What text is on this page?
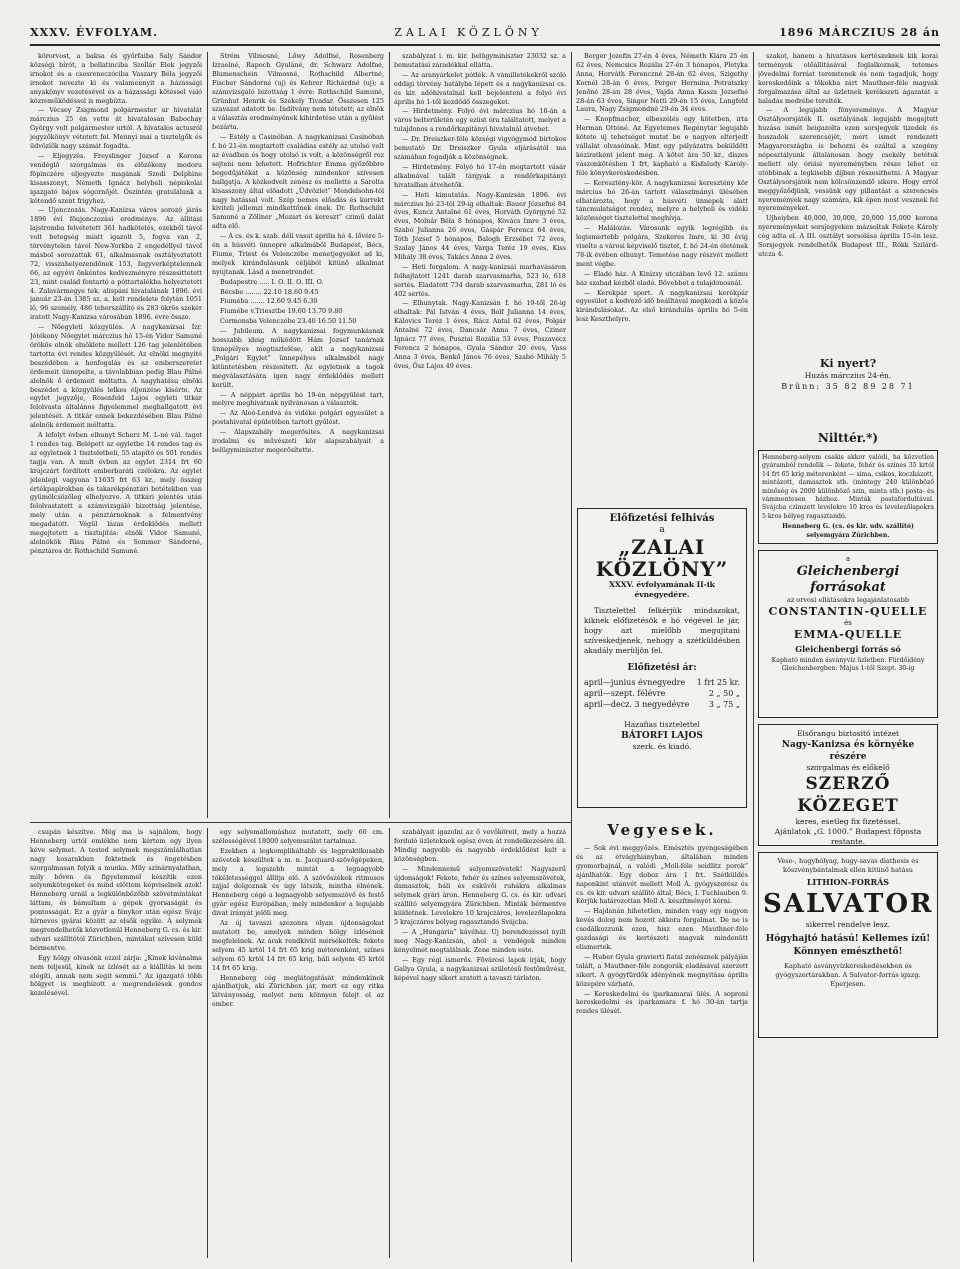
XXXV. ÉVFOLYAM.	ZALAI KÖZLÖNY	1896 MÁRCZIUS 28 án

körorvost, a baksa és győrfaiba Saly Sándor községi bírót, a bellatinciba Szollár Elek jegyzői irnokot és a csesreneczóciba Vaszary Béla jegyzői irnokot nevezte ki és valamennyit a házassági anyakönyv vezetésével és a házassági kötéssel való közreműködéssel is megbízta.

— Vécsey Zsigmond polgármester ur hivatalát márczius 25 én vette át hivatalosan Babochay György volt polgármester urtól. A hivatalos actusról jegyzőkönyv vétetett fel. Mennyi mai a tisztelgők és üdvözlők nagy számát fogadta.

— Eljegyzés. Freyslinger József a Korona vendéglő szorgalmas és előzékeny modoru föpinczére eljegyezte magának Szedi Delphine kisasszonyt, Németh Ignácz helybeli népiskolai igazgató bájos sógornőjét. Őszintén gratulálunk a kötendő szent frigyhez.

— Ujonczozás. Nagy-Kanizsa város sorozó járás 1896 évi föujonczozási eredménye. Az állitási lajstromba felvétetett 361 hadkötelés, ezekből távol volt betegség miatt igazolt 5, fogva van 2, törvénytelen távol New-Yorkba 2 engedéllyel távol másbol sorozattak 61, alkalmasnak osztályoztatott 72, visszahelyezendőnek 153, fegyverképtelennek 66, az egyévi önkéntes kedvezményre részesittetett 23, mint család fentartó a póttartalékba helyeztetett 4. Zalavármegye tek. alispáni hivatalának 1896. évi január 23-án 1385 sz. a. kelt rendelete folytán 1051 lő, 96 személy, 486 teherszállító és 283 ökrös szekér iratott Nagy-Kanizsa városában 1896. évre össze.

— Nőegyleti közgyülés. A nagykanizsai Izr. Jótékony Nőegylet márczius hó 15-én Vidor Samuné örökös elnök elnöklete mellett 126 tag jelenlétében tartotta évi rendes közgyülését. Az elnöki megnyitó beszédében a honfogalás és az emberszeretet érdemeit ünnepelte, a távolabbian pedig Blau Pálné alelnök ő érdemeit méltatta. A nagyhatásu elnöki beszédet a közgyülés lelkes éljenzése kisérte. Az egylet jegyzője, Rosenfeld Lajos egyleti titkár felolvasta általános figyelemmel meghallgatott évi jelentését. A titkár ennek bekezdésében Blau Pálné alelnök érdemeit méltatta.

A lefolyt évben elhunyt Scherz M. L-né vál. tagot 1 rendes tag. Belépett az egyletbe 14 rendes tag és az egyletnek 1 tiszteletbeli, 55 alapító és 501 rendes tagja van. A mult évben az egylet 2314 frt 60 krajczárt fordított emberbaráti czélokra. Az egylet jelenlegi vagyona 11635 frt 63 kr., mely összeg értékpapírokban és takarékpénztári betétekben van gyümölcsözőleg elhelyezve. A titkári jelentés után felolvastatott a számvizsgáló bizottság jelentése, mely után a pénztárnoknak a felmentvény megadatott. Végül lázas érdeklődés mellett megejtetett a tisztujítás: elnök Vidor Samuné, alelnökök Blau Pálné és Sommer Sándorné, pénztáros dr. Rothschild Samuné.

Strém Vilmosné, Lőwy Adolfné, Rosenberg Izraelné, Rapoch Gyuláné, dr. Schwarz Adolfné, Blumenschein Vilmosné, Rothschild Albertné, Fischer Sándorné (uj) és Kehrer Richárdné (uj); a számvizsgáló bizottság 1 évre: Rothschild Samuné, Grünhut Henrik és Székely Tivadar. Összesen 125 szavazat adatott be. Indítvány nem tétetett; az elnök a választás eredményének kihirdetése után a gyűlést bezárta.

— Estély a Casinóban. A nagykanizsai Casinóban f. hó 21-én megtartott családias estély az utolsó volt az évadban és hogy utolsó is volt, a közönségről rez sejteni nem lehetett. Hofrichter Emma győzőbbre begedűjátékát a közönség mindenkor szivesen hallgatja. A közkedvelt zenész és mellette a Sarolta kisasszony által előadott „Üdvözlet” Mendelsohn-tól nagy hatással volt. Szép nemes előadás és korrekt kiviteli jellemzi mindkettőnek ének. Dr. Rothschild Samuné a Zöllner „Mozart és kereszt” czimű dalát adta elő.

— A cs. és k. szab. déli vasut április hó 4. lővére 5-én a húsvéti ünnepre alkalmából Budapest, Bécs, Fiume, Triest és Velenczébe menetjegyeket ad ki, melyek kirándulásunk céljából kitünő alkalmat nyújtanak. Lásd a menetrendet.

Budapestre ..... I. O. II. O. III. O.

Bécsbe ........ 22.10 18.60 9.45

Fiuméba ....... 12.60 9.45 6.30

Fiumébe v.Triesztbe 19.60 13.70 9.80

Cormonsba Velenczébe 23.40 16.50 11.50

— Jubileum. A nagykanizsai fogymunkásnak hosszabb ideig működött Hám József tanárnak ünnepélyes megtisztelése, akit a nagykanizsai „Polgári Egylet” ünnepélyes alkalmából nagy kitüntetésben részesitett. Az egyletnek a tagok megválasztására igen nagy érdeklődés mellett került.

— A néppárt április hó 19-én népgyülést tart, melyre meghívatnak nyilvánosan a választók.

— Az Aleó-Lendva és vidéke polgári egyesület a postahivatal épületében tartott gyűlést.

— Alapszabály megerősités. A nagykanizsai irodalmi és művészeti kör alapszabályait a belügyminiszter megerősítette.

szabályzat i. m. kir. belügyminiszter 23032 sz. a bemutatási záradékkal ellátta.

— Az aranyárkelet pótlék. A vámilletékekről szóló eddigi törvény hatályba lépett és a nagykanizsai cs. és kir. adóhivatalnál kell bejelenteni a folyó évi április hó 1-től kezdődő összegeket.

— Hirdetmény. Folyó évi márczius hó 18-án a város belterületén egy ezüst óra találtatott, melyet a tulajdonos a rendőrkapitányi hivatalnál átvehet.

— Dr. Dreiszker-féle községi vigyógymód birtokos bemutató Dr. Dreiszker Gyula eljárásától ma számában fogadják a közönségnek.

— Hirdetmény. Folyó hó 17-én megtartott vásár alkalmával talált tárgyak a rendőrkapitányi hivatalban átvehetők.

— Heti kimutatás. Nagy-Kanizsán 1896. évi márczius hó 23-tól 29-ig elhaltak: Bauer Józsefné 84 éves, Kuncz Antalné 61 éves, Horváth Györgyné 52 éves, Molnár Béla 8 hónapos, Kovács Imre 3 éves, Szabó Julianna 26 éves, Gáspár Ferencz 64 éves, Tóth József 5 hónapos, Balogh Erzsébet 72 éves, Szalay János 44 éves, Varga Teréz 19 éves, Kiss Mihály 38 éves, Takács Anna 2 éves.

— Heti forgalom. A nagy-kanizsai marhavásáron felhajtatott 1241 darab szarvasmarha, 523 ló, 618 sertés. Eladatott 734 darab szarvasmarha, 281 ló és 402 sertés.

— Elhunytak. Nagy-Kanizsán f. hó 19-től 26-ig elhaltak: Pál István 4 éves, Bolf Julianna 14 éves, Kálovics Teréz 1 éves, Rácz Antal 62 éves, Polgár Antalné 72 éves, Dancsár Anna 7 éves, Cziner Ignácz 77 éves, Pusztai Rozália 53 éves, Poszavecz Ferencz 2 hónapos, Gyula Sándor 20 éves, Vass Anna 3 éves, Benkő János 76 éves, Szabó Mihály 5 éves, Ősz Lajos 49 éves.

Berger Jozefin 27-én 4 éves, Németh Klára 25 én 62 éves, Nemcsics Rozália 27-én 3 hónapos, Pletyka Anna, Horváth Ferenczné 28-án 62 éves, Szigethy Kornél 28-án 6 éves, Perger Hermina Potratszky Jenőné 28-án 28 éves, Vajda Anna Kasza Józsefné 28-án 63 éves, Singer Netti 29-én 15 éves, Langfeld Laura, Nagy Zsigmondné 29-én 34 éves.

— Knopfmacher, elbeszélés egy kötetben, irta Herman Ottóné. Az Egyetemes Regénytár legujabb kötete uj tehetséget mutat be e nagyon elterjedt vállalat olvasóinak. Mint egy pályázatra beküldött kéziratként jelent meg. A kötet ára 50 kr., díszes vászonkötésben 1 frt, kapható a Kisfaludy Károly-féle könyvkereskedésben.

— Keresztény-kör. A nagykanizsai keresztény kör március hó 26-án tartott választmányi ülésében elhatározta, hogy a húsvéti ünnepek alatt táncmulatságot rendez, melyre a helybeli és vidéki közönséget tisztelettel meghívja.

— Halálozás. Városunk egyik legrégibb és legismertebb polgára, Szekeres Imre, ki 30 évig viselte a városi képviselő tisztet, f. hó 24-én életének 78-ik évében elhunyt. Temetése nagy részvét mellett ment végbe.

— Eladó ház. A Kinizsy utczában levő 12. számu ház szabad kézből eladó. Bővebbet a tulajdonosnál.

— Kerekpár sport. A nagykanizsai kerékpár egyesület a kedvező idő beálltával megkezdi a közös kirándulásokat. Az első kirándulás április hó 5-én lesz Keszthelyre.

szakot, hanem a hivatásos kertészeknek kik korai termények előállitásával foglalkoznak, tetemes jövedelmi forrást teremtenek és nem tagadjuk, hogy kereskedőink a tőkokba zárt Mauthner-féle magvak forgalmazása által az üzletnek kerékszeti ágazatát a haladás medrébe terelték.

— A legujabb fönyereménye. A Magyar Osztálysorsjáték II. osztályának legujabb megejtett huzása ismét beigazolta ezen sorsjegyek tizedek és huszadok szerencséjét, mert ismét rendezett Magyarországba is behozni és ezáltal a szegény népesztályunk általánosan hogy csekély betétek mellett oly óriási nyereményben része lehet ez utóbbinak a legkisebb díjban részesithetni. A Magyar Osztálysorsjáték nem kölcsönzendő sikere. Hogy errol meggyőződjünk, vessünk egy pillantást a szerencsés nyeremények nagy számára, kik épen most vesznek fel nyereményeket.

Ujheiyben 40,000, 30,000, 20,000 15,000 korona nyereményeket sorsjegyeken mázsoltak Fekete Károly cég adta el. A III. osztályt sorsolása április 15-én lesz. Sorsjegyek rendelhetők Budapest III., Rókk Szilárd-utcza 4.

csupán készítve. Még ma is sajnálom, hogy Henneberg urtól emlékbe nem kértem egy ilyen kéve selymet. A tested selymek megszámlálhatlan nagy kosarakban fektetnek és öngetésben szorgalmasan folyik a munka. Mily színárnyalatban, mily bőven és figyelemmel készítik ezen selyemkötegeket és mind előttem képviselnek azok! Henneberg urnál a legkülönbözőbb szövetmintákat láttam, és bámultam a gépek gyorsaságát és pontosságát. Ez a gyár a fénykor után egész Svájc hírneves gyárai között az elsők egyike. A selymek megrendelhetők közvetlenül Henneberg G. cs. és kir. udvari szállítótól Zürichben, mintákat szívesen küld bérmentve.

Egy hölgy olvasónk ezzel zárja: „Kinek kivánalma nem teljesül, kinek az ízlését az a kiállítás ki nem elégíti, annak nem segit semmi.” Az igazgató több hölgyet is megbízott a megrendelések gondos kezelésével.

egy selyemállomáshoz mutatott, mely 60 cm. szélességével 18000 selyemszálat tartalmaz.

Ezekben a legkomplikáltabb és legpraktikusabb szövetek készültek a m. n. Jacquard-szövőgépeken, mely a legszebb mintát a legnagyobb tökéletességgel állítja elő. A szövőszékek ritmusos zajjal dolgoznak és úgy látszik, mintha élnének. Henneberg cégé a legnagyobb selyemszövő és festő gyár egész Európában, mely mindenkor a legujabb divat irányát jelöli meg.

Az új tavaszi szezonra olyan újdonságokat mutatott be, amelyek minden hölgy ízlésének megfelelnek. Az árak rendkívül mérsékeltek: fekete selyem 45 krtól 14 frt 65 krig méterenként, színes selyem 65 krtól 14 frt 65 krig, báli selyem 45 krtól 14 frt 65 krig.

Henneberg cég meglátogatását mindenkinek ajánlhatjuk, aki Zürichben jár, mert ez egy ritka látványosság, melyet nem könnyen felejt el az ember.

szabályait igazolni az ő vevőköreit, mely a hozzá forduló üzleteknek egész éven át rendelkezésére áll. Mindig nagyobb és nagyobb érdeklődést kelt a közönségben.

— Mindennemű selyemszövetek! Nagyszerű újdonságok! Fekete, fehér és színes selyemszövetek, damasztok, báli és esküvői ruhákra alkalmas selymek gyári áron. Henneberg G. cs. és kir. udvari szállító selyemgyára Zürichben. Minták bérmentve küldetnek. Levelekre 10 krajczáros, levelezőlapokra 5 krajczáros bélyeg ragasztandó Svájcba.

— A „Hungária” kávéház. Uj berendezéssel nyilt meg Nagy-Kanizsán, ahol a vendégek minden kényelmet megtalálnak. Zene minden este.

— Egy régi ismerős. Fővárosi lapok írják, hogy Gallya Gyula, a nagykanizsai születésű festőművész, képével nagy sikert aratott a tavaszi tárlaton.

Előfizetési felhivás
a
„ZALAI KÖZLÖNY”
XXXV. évfolyamának II-ik évnegyedére.
Tisztelettel felkérjük mindazokat, kiknek előfizetésök e hó végével le jár, hogy azt mielőbb megujitani szíveskedjenek, nehogy a szétküldésben akadály merüljön fel.
Előfizetési ár:
april—junius évnegyedre 1 frt 25 kr.
april—szept. félévre	2 „ 50 „
april—decz. 3 negyedévre 3 „ 75 „
Hazafias tisztelettel
BÁTORFI LAJOS
szerk. és kiadó.
Vegyesek.

— Sok évi meggyőzés. Emésztés gyengeségében és az étvágyhiányban, általában minden gyomorbajnál, a valódi „Moll-féle seidlitz porok” ajánlhatók. Egy doboz ára 1 frt. Szétküldés naponkint utánvét mellett Moll A. gyógyszerész és cs. és kir. udvari szállító által, Bécs, I. Tuchlauben 9. Kérjük határozottan Moll A. készítményét kérni.

— Hajdanán hihetetlen, minden vagy egy nagyon kevés dolog nem hozott akkora forgalmat. De ne is csodálkozzunk ezen, hisz ezen Mauthner-féle gazdasági és kertészeti magvak mindenütt elismertek.

— Huber Gyula gravierti fiatal zenésznek pályáján talált, a Mauthner-féle zongorák eladásával szerzett sikert. A gyógyfürdők idényének megnyitása április közepére várható.

— Kereskedelmi és iparkamarai ülés. A soproni kereskedelmi és iparkamara f. hó 30-án tartja rendes ülését.

Ki nyert?
Huzás márczius 24-én.
Brünn: 35 82 89 28 71
Nilttér.*)
Henneberg-selyem csakis akkor valódi, ha közvetlen gyáramból rendelik — fekete, fehér és színes 35 krtól 14 frt 65 krig méterenként — sima, csikos, koczkázott, mintázott, damasztok stb. (mintegy 240 különböző minőség és 2000 különböző szin, minta stb.) posta- és vámmentesen házhoz. Minták postafordultával. Svájcba czimzett levelekre 10 kros és levelezőlapokra 5 kros bélyeg ragasztandó.
Henneberg G. (cs. és kir. udv. szállító) selyemgyára Zürichben.
a
Gleichenbergi forrásokat
az orvosi ellátásokra legajánlatosabb
CONSTANTIN-QUELLE
és
EMMA-QUELLE
Gleichenbergi forrás só
Kapható minden ásványvíz üzletben. Fürdőidény Gleichenbergben: Május 1-től Szept. 30-ig
Elsőrangu biztositó intézet
Nagy-Kanizsa és környéke részére
szorgalmas és előkelő
SZERZŐ KÖZEGET
keres, esetleg fix fizetéssel.
Ajánlatok „G. 1000.” Budapest főposta restante.
Vese-, hugyhólyag, hugy-savas diathesis és köszvénybántalmak ellen kitünő hatásu
LITHION-FORRÁS
SALVATOR
sikerrel rendelve lesz.
Hógyhajtó hatású! Kellemes ízű! Könnyen emészthető!
Kapható ásványvízkereskedésekben és gyógyszertárakban. A Salvator-forrás igazg. Eperjesen.
